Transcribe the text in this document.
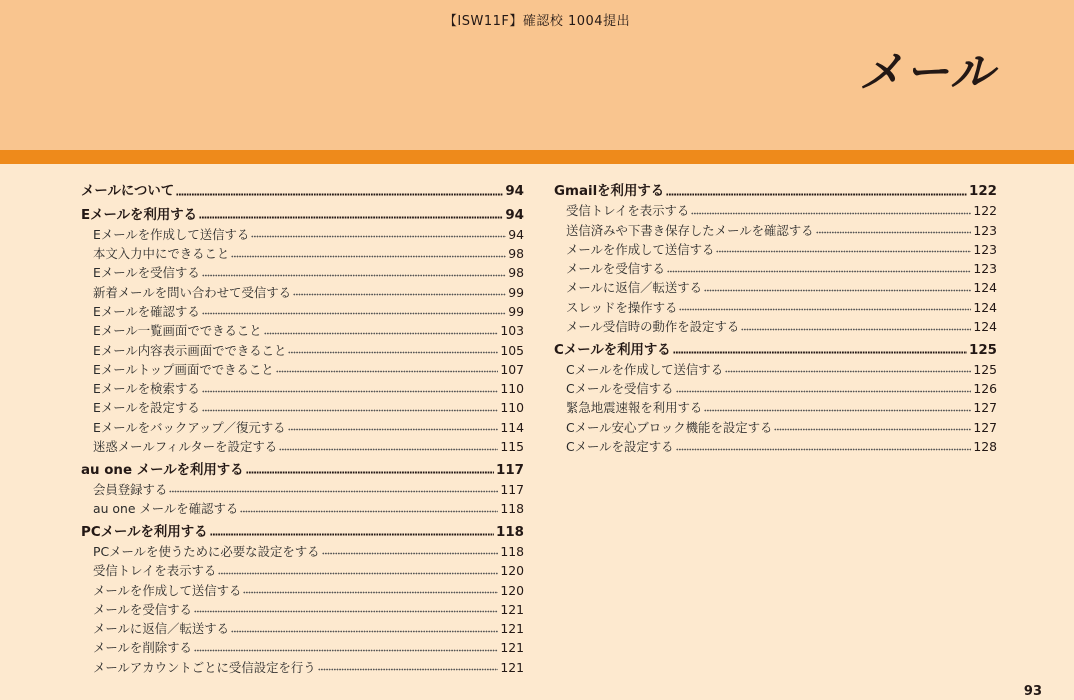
【ISW11F】確認校 1004提出
メール
メールについて	94
Eメールを利用する	94
Eメールを作成して送信する	94
本文入力中にできること	98
Eメールを受信する	98
新着メールを問い合わせて受信する	99
Eメールを確認する	99
Eメール一覧画面でできること	103
Eメール内容表示画面でできること	105
Eメールトップ画面でできること	107
Eメールを検索する	110
Eメールを設定する	110
Eメールをバックアップ／復元する	114
迷惑メールフィルターを設定する	115
au one メールを利用する	117
会員登録する	117
au one メールを確認する	118
PCメールを利用する	118
PCメールを使うために必要な設定をする	118
受信トレイを表示する	120
メールを作成して送信する	120
メールを受信する	121
メールに返信／転送する	121
メールを削除する	121
メールアカウントごとに受信設定を行う	121
Gmailを利用する	122
受信トレイを表示する	122
送信済みや下書き保存したメールを確認する	123
メールを作成して送信する	123
メールを受信する	123
メールに返信／転送する	124
スレッドを操作する	124
メール受信時の動作を設定する	124
Cメールを利用する	125
Cメールを作成して送信する	125
Cメールを受信する	126
緊急地震速報を利用する	127
Cメール安心ブロック機能を設定する	127
Cメールを設定する	128
93
